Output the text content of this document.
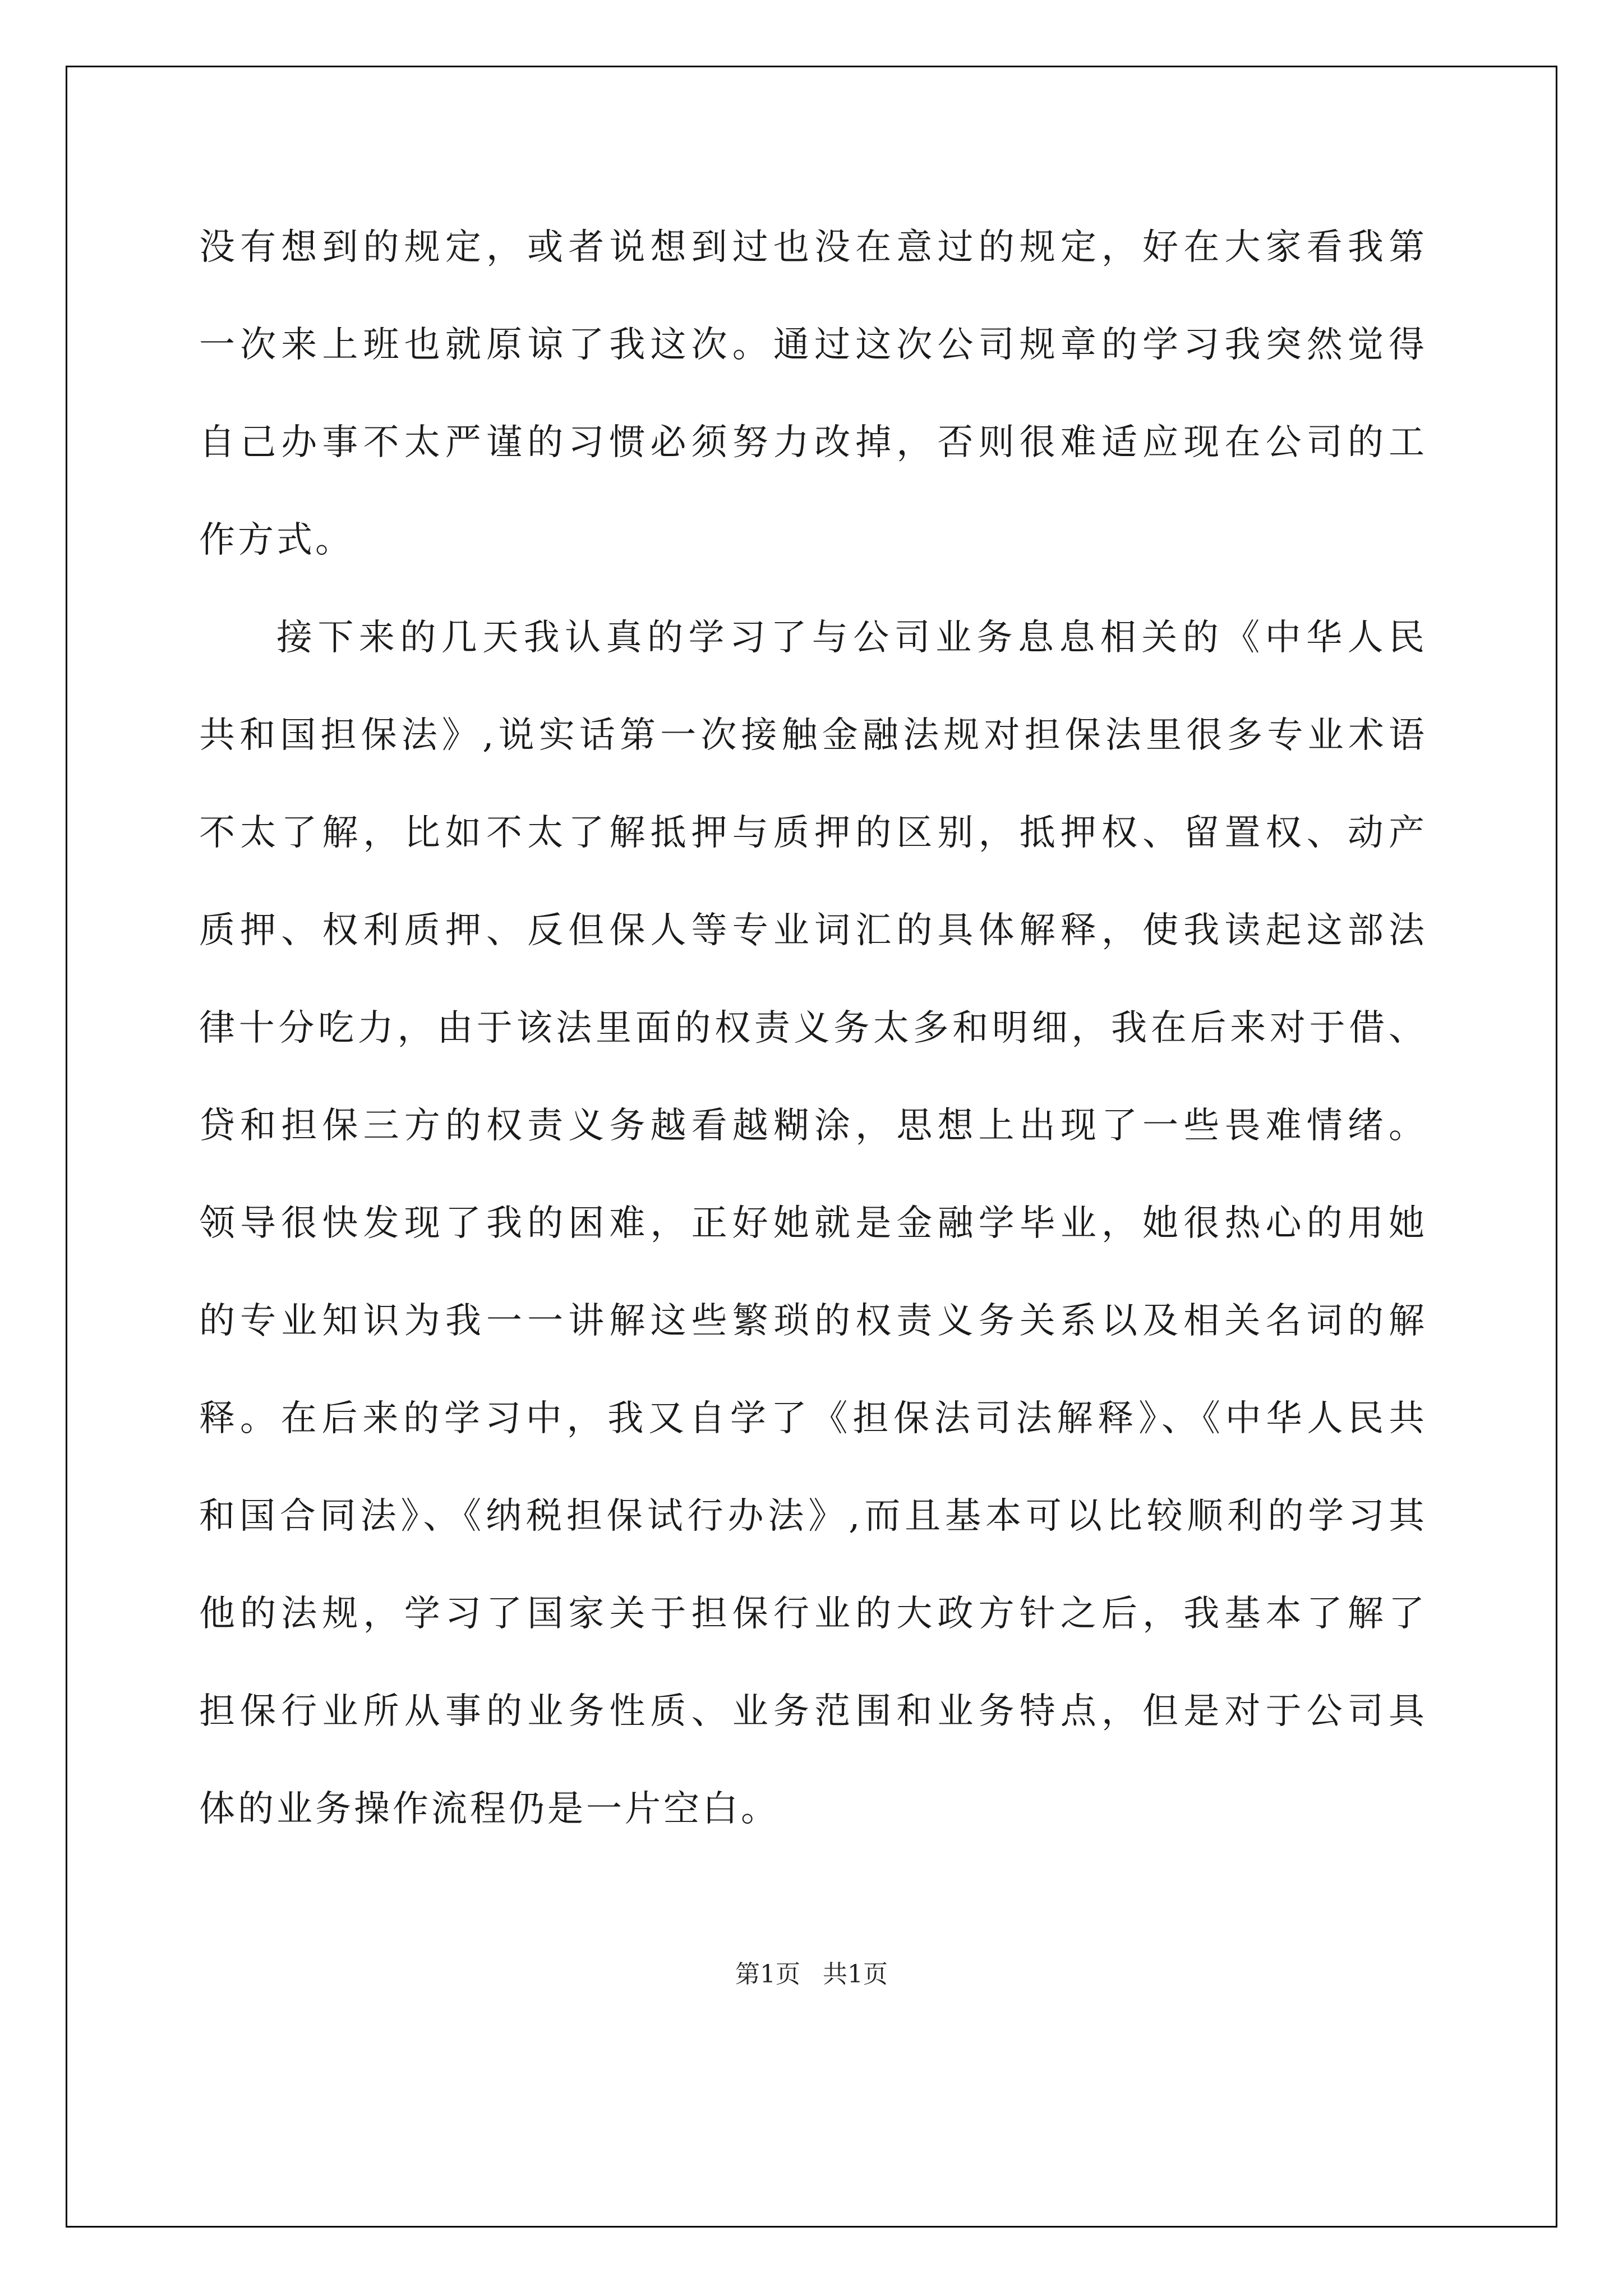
没有想到的规定，或者说想到过也没在意过的规定，好在大家看我第
一次来上班也就原谅了我这次。通过这次公司规章的学习我突然觉得
自己办事不太严谨的习惯必须努力改掉，否则很难适应现在公司的工
作方式。
接下来的几天我认真的学习了与公司业务息息相关的《中华人民
共和国担保法》,说实话第一次接触金融法规对担保法里很多专业术语
不太了解，比如不太了解抵押与质押的区别，抵押权、留置权、动产
质押、权利质押、反但保人等专业词汇的具体解释，使我读起这部法
律十分吃力，由于该法里面的权责义务太多和明细，我在后来对于借、
贷和担保三方的权责义务越看越糊涂，思想上出现了一些畏难情绪。
领导很快发现了我的困难，正好她就是金融学毕业，她很热心的用她
的专业知识为我一一讲解这些繁琐的权责义务关系以及相关名词的解
释。在后来的学习中，我又自学了《担保法司法解释》、《中华人民共
和国合同法》、《纳税担保试行办法》,而且基本可以比较顺利的学习其
他的法规，学习了国家关于担保行业的大政方针之后，我基本了解了
担保行业所从事的业务性质、业务范围和业务特点，但是对于公司具
体的业务操作流程仍是一片空白。
第1页 共1页
